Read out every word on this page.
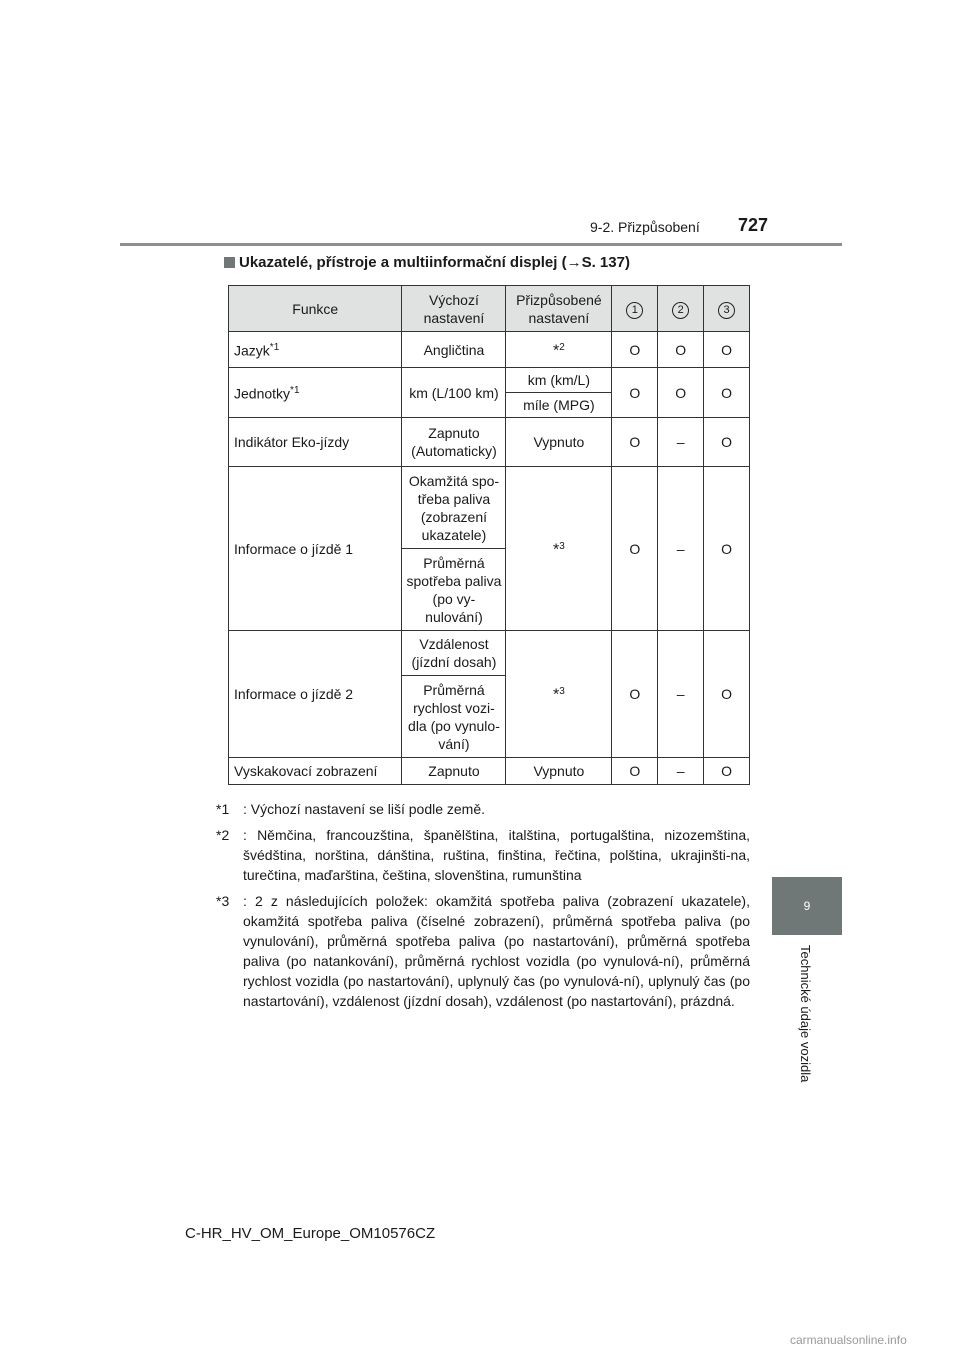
9-2. Přizpůsobení 727
9
Technické údaje vozidla
Ukazatelé, přístroje a multiinformační displej (→S. 137)
Funkce	Výchozí nastavení	Přizpůsobené nastavení	1	2	3
Jazyk$^{*1}$	Angličtina	*$^2$	O	O	O
Jednotky$^{*1}$	km (L/100 km)	km (km/L)	O	O	O
		míle (MPG)			
Indikátor Eko-jízdy	Zapnuto (Automaticky)	Vypnuto	O	–	O
Informace o jízdě 1	Okamžitá spo-třeba paliva (zobrazení ukazatele)	*$^3$	O	–	O
	Průměrná spotřeba paliva (po vy-nulování)				
Informace o jízdě 2	Vzdálenost (jízdní dosah)	*$^3$	O	–	O
	Průměrná rychlost vozi-dla (po vynulo-vání)				
Vyskakovací zobrazení	Zapnuto	Vypnuto	O	–	O
*1 : Výchozí nastavení se liší podle země.
*2 : Němčina, francouzština, španělština, italština, portugalština, nizozemština, švédština, norština, dánština, ruština, finština, řečtina, polština, ukrajinšti-na, turečtina, maďarština, čeština, slovenština, rumunština
*3 : 2 z následujících položek: okamžitá spotřeba paliva (zobrazení ukazatele), okamžitá spotřeba paliva (číselné zobrazení), průměrná spotřeba paliva (po vynulování), průměrná spotřeba paliva (po nastartování), průměrná spotřeba paliva (po natankování), průměrná rychlost vozidla (po vynulová-ní), průměrná rychlost vozidla (po nastartování), uplynulý čas (po vynulová-ní), uplynulý čas (po nastartování), vzdálenost (jízdní dosah), vzdálenost (po nastartování), prázdná.
C-HR_HV_OM_Europe_OM10576CZ
carmanualsonline.info
